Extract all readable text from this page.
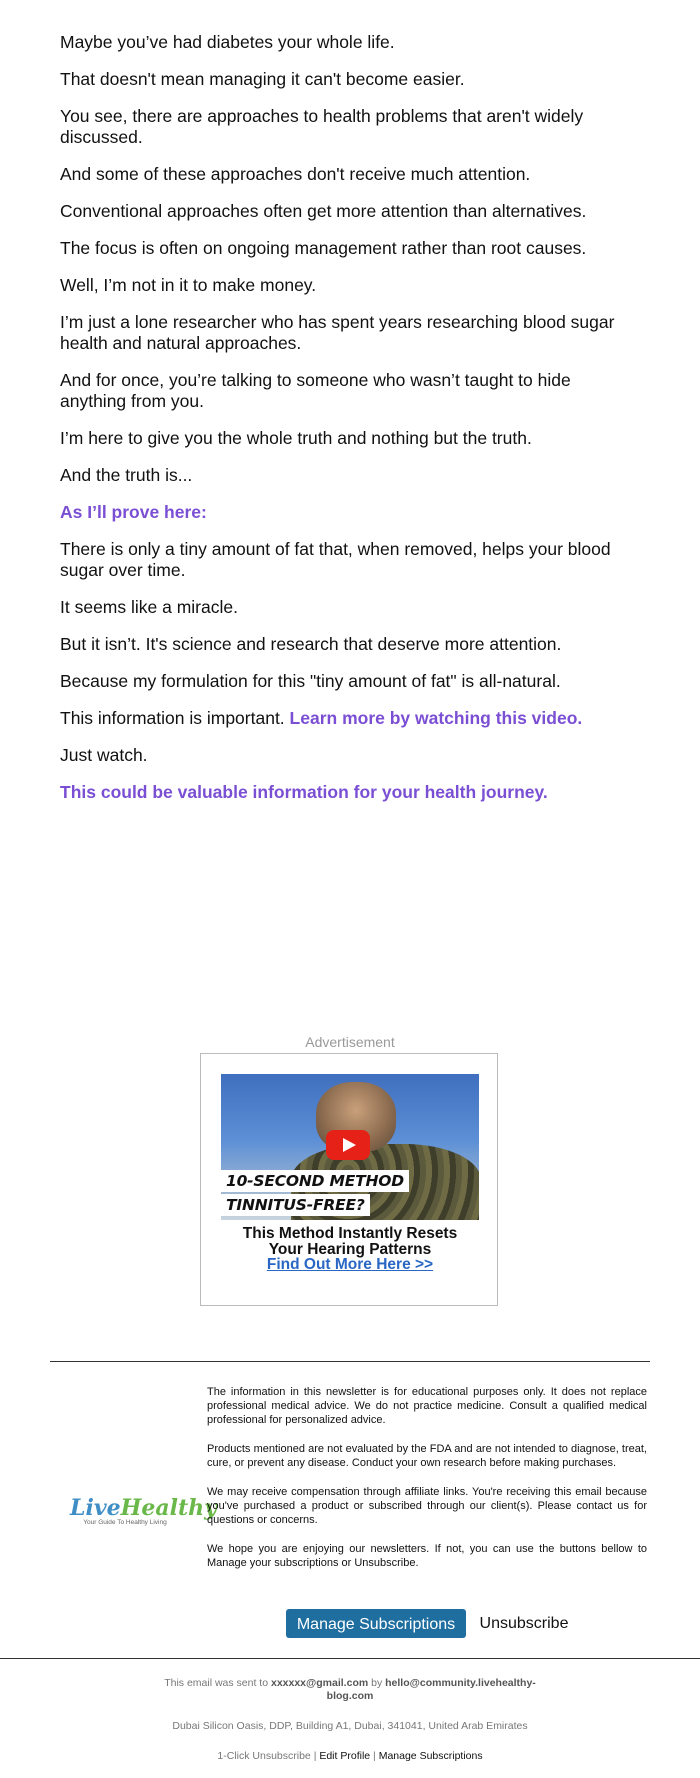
Maybe you’ve had diabetes your whole life.

That doesn't mean managing it can't become easier.

You see, there are approaches to health problems that aren't widely discussed.

And some of these approaches don't receive much attention.

Conventional approaches often get more attention than alternatives.

The focus is often on ongoing management rather than root causes.

Well, I’m not in it to make money.

I’m just a lone researcher who has spent years researching blood sugar health and natural approaches.

And for once, you’re talking to someone who wasn’t taught to hide anything from you.

I’m here to give you the whole truth and nothing but the truth.

And the truth is...

As I’ll prove here:

There is only a tiny amount of fat that, when removed, helps your blood sugar over time.

It seems like a miracle.

But it isn’t. It's science and research that deserve more attention.

Because my formulation for this "tiny amount of fat" is all-natural.

This information is important. Learn more by watching this video.

Just watch.

This could be valuable information for your health journey.

Advertisement
10-SECOND METHOD
TINNITUS-FREE?
This Method Instantly Resets
Your Hearing Patterns
Find Out More Here >>
LiveHealthy
Your Guide To Healthy Living

The information in this newsletter is for educational purposes only. It does not replace professional medical advice. We do not practice medicine. Consult a qualified medical professional for personalized advice.

Products mentioned are not evaluated by the FDA and are not intended to diagnose, treat, cure, or prevent any disease. Conduct your own research before making purchases.

We may receive compensation through affiliate links. You're receiving this email because you've purchased a product or subscribed through our client(s). Please contact us for questions or concerns.

We hope you are enjoying our newsletters. If not, you can use the buttons bellow to Manage your subscriptions or Unsubscribe.

Manage Subscriptions	Unsubscribe
This email was sent to xxxxxx@gmail.com by hello@community.livehealthy-blog.com
Dubai Silicon Oasis, DDP, Building A1, Dubai, 341041, United Arab Emirates
1-Click Unsubscribe | Edit Profile | Manage Subscriptions
